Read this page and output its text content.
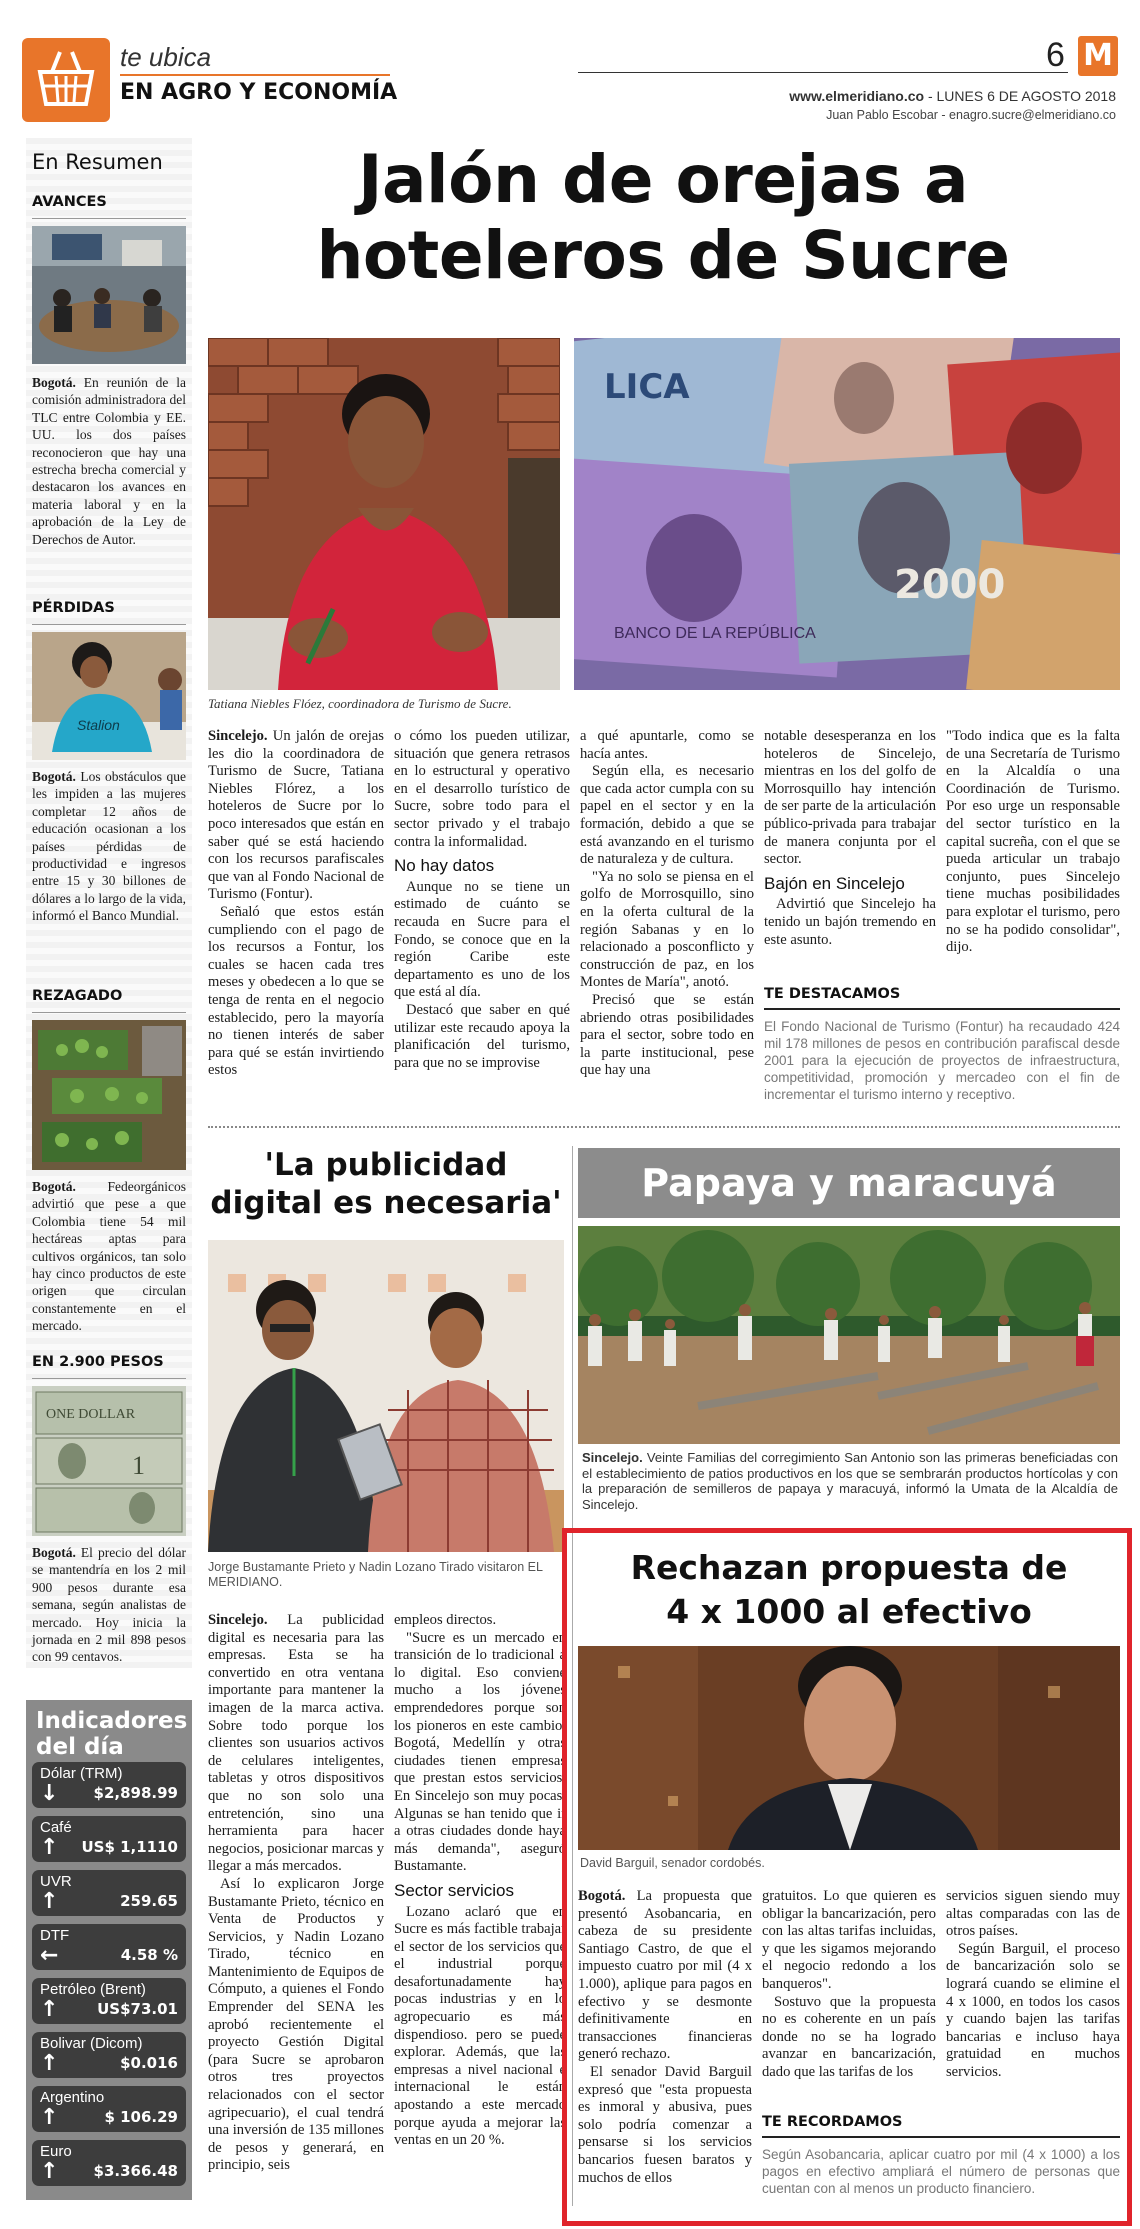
te ubica
EN AGRO Y ECONOMÍA
6 M
www.elmeridiano.co - LUNES 6 DE AGOSTO 2018
Juan Pablo Escobar - enagro.sucre@elmeridiano.co
En Resumen
AVANCES
Bogotá. En reunión de la comisión administradora del TLC entre Colombia y EE. UU. los dos países reconocieron que hay una estrecha brecha comercial y destacaron los avances en materia laboral y en la aprobación de la Ley de Derechos de Autor.
PÉRDIDAS
Stalion
Bogotá. Los obstáculos que les impiden a las mujeres completar 12 años de educación ocasionan a los países pérdidas de productividad e ingresos entre 15 y 30 billones de dólares a lo largo de la vida, informó el Banco Mundial.
REZAGADO
Bogotá. Fedeorgánicos advirtió que pese a que Colombia tiene 54 mil hectáreas aptas para cultivos orgánicos, tan solo hay cinco productos de este origen que circulan constantemente en el mercado.
EN 2.900 PESOS
1
ONE DOLLAR
Bogotá. El precio del dólar se mantendría en los 2 mil 900 pesos durante esa semana, según analistas de mercado. Hoy inicia la jornada en 2 mil 898 pesos con 99 centavos.
Indicadores
del día
Dólar (TRM)
↓ $2,898.99
Café
↑ US$ 1,1110
UVR
↑	259.65
DTF
←	4.58 %
Petróleo (Brent)
↑	US$73.01
Bolivar (Dicom)
↑	$0.016
Argentino
↑	$ 106.29
Euro
↑ $3.366.48
Jalón de orejas a
hoteleros de Sucre
2000
LICA
BANCO DE LA REPÚBLICA
Tatiana Niebles Flóez, coordinadora de Turismo de Sucre.

Sincelejo. Un jalón de orejas les dio la coordinadora de Turismo de Sucre, Tatiana Niebles Flórez, a los hoteleros de Sucre por lo poco interesados que están en saber qué se está haciendo con los recursos parafiscales que van al Fondo Nacional de Turismo (Fontur).

Señaló que estos están cumpliendo con el pago de los recursos a Fontur, los cuales se hacen cada tres meses y obedecen a lo que se tenga de renta en el negocio establecido, pero la mayoría no tienen interés de saber para qué se están invirtiendo estos

o cómo los pueden utilizar, situación que genera retrasos en lo estructural y operativo en el desarrollo turístico de Sucre, sobre todo para el sector privado y el trabajo contra la informalidad.

No hay datos

Aunque no se tiene un estimado de cuánto se recauda en Sucre para el Fondo, se conoce que en la región Caribe este departamento es uno de los que está al día.

Destacó que saber en qué utilizar este recaudo apoya la planificación del turismo, para que no se improvise

a qué apuntarle, como se hacía antes.

Según ella, es necesario que cada actor cumpla con su papel en el sector y en la formación, debido a que se está avanzando en el turismo de naturaleza y de cultura.

"Ya no solo se piensa en el golfo de Morrosquillo, sino en la oferta cultural de la región Sabanas y en lo relacionado a posconflicto y construcción de paz, en los Montes de María", anotó.

Precisó que se están abriendo otras posibilidades para el sector, sobre todo en la parte institucional, pese que hay una

notable desesperanza en los hoteleros de Sincelejo, mientras en los del golfo de Morrosquillo hay intención de ser parte de la articulación público-privada para trabajar de manera conjunta por el sector.

Bajón en Sincelejo

Advirtió que Sincelejo ha tenido un bajón tremendo en este asunto.

"Todo indica que es la falta de una Secretaría de Turismo en la Alcaldía o una Coordinación de Turismo. Por eso urge un responsable del sector turístico en la capital sucreña, con el que se pueda articular un trabajo conjunto, pues Sincelejo tiene muchas posibilidades para explotar el turismo, pero no se ha podido consolidar", dijo.

TE DESTACAMOS
El Fondo Nacional de Turismo (Fontur) ha recaudado 424 mil 178 millones de pesos en contribución parafiscal desde 2001 para la ejecución de proyectos de infraestructura, competitividad, promoción y mercadeo con el fin de incrementar el turismo interno y receptivo.
'La publicidad
digital es necesaria'
Jorge Bustamante Prieto y Nadin Lozano Tirado visitaron EL MERIDIANO.

Sincelejo. La publicidad digital es necesaria para las empresas. Esta se ha convertido en otra ventana importante para mantener la imagen de la marca activa. Sobre todo porque los clientes son usuarios activos de celulares inteligentes, tabletas y otros dispositivos que no son solo una entretención, sino una herramienta para hacer negocios, posicionar marcas y llegar a más mercados.

Así lo explicaron Jorge Bustamante Prieto, técnico en Venta de Productos y Servicios, y Nadin Lozano Tirado, técnico en Mantenimiento de Equipos de Cómputo, a quienes el Fondo Emprender del SENA les aprobó recientemente el proyecto Gestión Digital (para Sucre se aprobaron otros tres proyectos relacionados con el sector agripecuario), el cual tendrá una inversión de 135 millones de pesos y generará, en principio, seis

empleos directos.

"Sucre es un mercado en transición de lo tradicional a lo digital. Eso conviene mucho a los jóvenes emprendedores porque son los pioneros en este cambio. Bogotá, Medellín y otras ciudades tienen empresas que prestan estos servicios. En Sincelejo son muy pocas. Algunas se han tenido que ir a otras ciudades donde haya más demanda", aseguró Bustamante.

Sector servicios

Lozano aclaró que en Sucre es más factible trabajar el sector de los servicios que el industrial porque desafortunadamente hay pocas industrias y en lo agropecuario es más dispendioso. pero se puede explorar. Además, que las empresas a nivel nacional e internacional le están apostando a este mercado porque ayuda a mejorar las ventas en un 20 %.

Papaya y maracuyá
Sincelejo. Veinte Familias del corregimiento San Antonio son las primeras beneficiadas con el establecimiento de patios productivos en los que se sembrarán productos hortícolas y con la preparación de semilleros de papaya y maracuyá, informó la Umata de la Alcaldía de Sincelejo.
Rechazan propuesta de
4 x 1000 al efectivo
David Barguil, senador cordobés.

Bogotá. La propuesta que presentó Asobancaria, en cabeza de su presidente Santiago Castro, de que el impuesto cuatro por mil (4 x 1.000), aplique para pagos en efectivo y se desmonte definitivamente en transacciones financieras generó rechazo.

El senador David Barguil expresó que "esta propuesta es inmoral y abusiva, pues solo podría comenzar a pensarse si los servicios bancarios fuesen baratos y muchos de ellos

gratuitos. Lo que quieren es obligar la bancarización, pero con las altas tarifas incluidas, y que les sigamos mejorando el negocio redondo a los banqueros".

Sostuvo que la propuesta no es coherente en un país donde no se ha logrado avanzar en bancarización, dado que las tarifas de los

servicios siguen siendo muy altas comparadas con las de otros países.

Según Barguil, el proceso de bancarización solo se logrará cuando se elimine el 4 x 1000, en todos los casos y cuando bajen las tarifas bancarias e incluso haya gratuidad en muchos servicios.

TE RECORDAMOS
Según Asobancaria, aplicar cuatro por mil (4 x 1000) a los pagos en efectivo ampliará el número de personas que cuentan con al menos un producto financiero.
